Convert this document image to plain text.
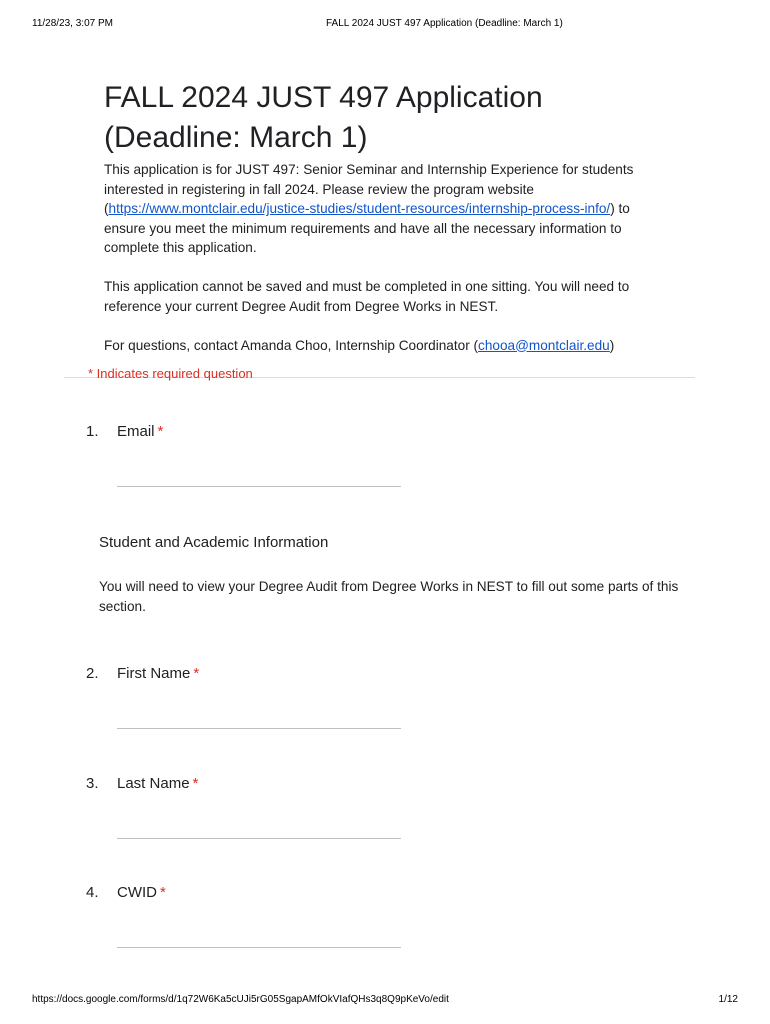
11/28/23, 3:07 PM	FALL 2024 JUST 497 Application (Deadline: March 1)
FALL 2024 JUST 497 Application
(Deadline: March 1)

This application is for JUST 497: Senior Seminar and Internship Experience for students interested in registering in fall 2024. Please review the program website (https://www.montclair.edu/justice-studies/student-resources/internship-process-info/) to ensure you meet the minimum requirements and have all the necessary information to complete this application.

This application cannot be saved and must be completed in one sitting. You will need to reference your current Degree Audit from Degree Works in NEST.

For questions, contact Amanda Choo, Internship Coordinator (chooa@montclair.edu)

* Indicates required question
1. Email *
Student and Academic Information
You will need to view your Degree Audit from Degree Works in NEST to fill out some parts of this section.
2. First Name *
3. Last Name *
4. CWID *
https://docs.google.com/forms/d/1q72W6Ka5cUJi5rG05SgapAMfOkVIafQHs3q8Q9pKeVo/edit	1/12
